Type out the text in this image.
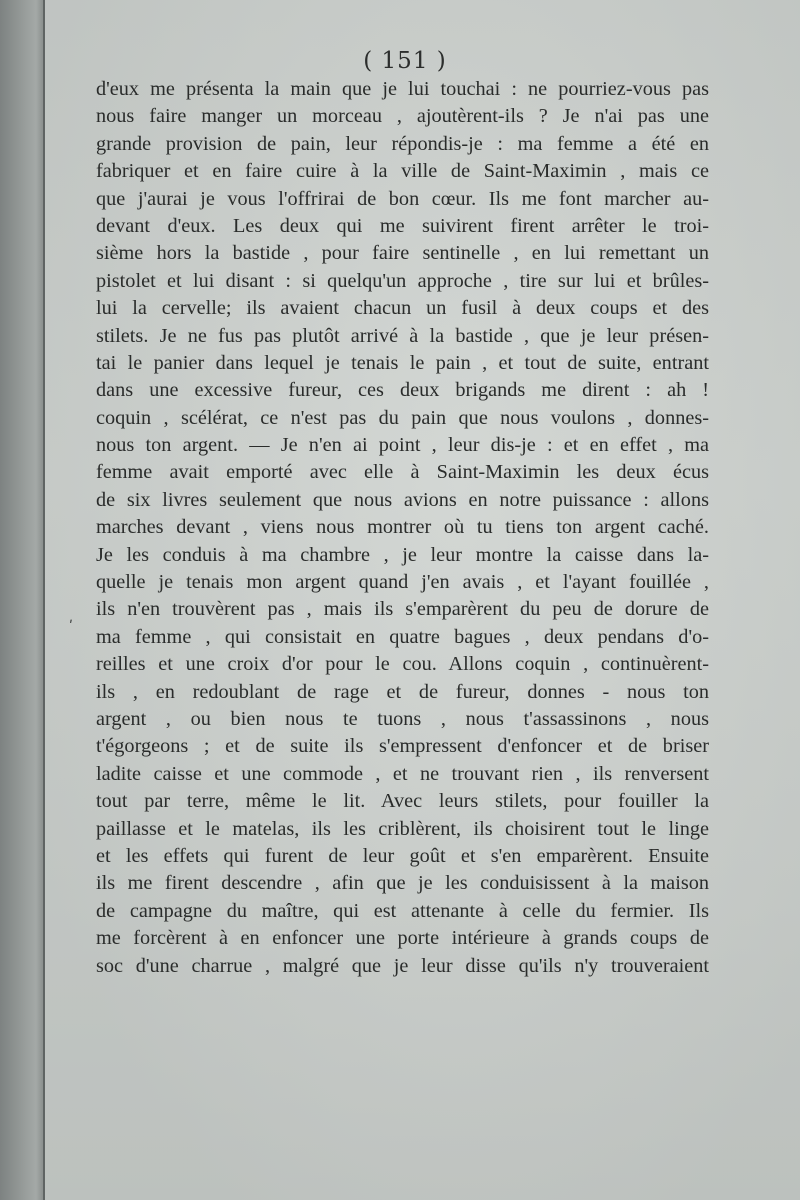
ʹ
( 151 )
d'eux me présenta la main que je lui touchai : ne pourriez-vous pas
nous faire manger un morceau , ajoutèrent-ils ? Je n'ai pas une
grande provision de pain, leur répondis-je : ma femme a été en
fabriquer et en faire cuire à la ville de Saint-Maximin , mais ce
que j'aurai je vous l'offrirai de bon cœur. Ils me font marcher au-
devant d'eux. Les deux qui me suivirent firent arrêter le troi-
sième hors la bastide , pour faire sentinelle , en lui remettant un
pistolet et lui disant : si quelqu'un approche , tire sur lui et brûles-
lui la cervelle; ils avaient chacun un fusil à deux coups et des
stilets. Je ne fus pas plutôt arrivé à la bastide , que je leur présen-
tai le panier dans lequel je tenais le pain , et tout de suite, entrant
dans une excessive fureur, ces deux brigands me dirent : ah !
coquin , scélérat, ce n'est pas du pain que nous voulons , donnes-
nous ton argent. — Je n'en ai point , leur dis-je : et en effet , ma
femme avait emporté avec elle à Saint-Maximin les deux écus
de six livres seulement que nous avions en notre puissance : allons
marches devant , viens nous montrer où tu tiens ton argent caché.
Je les conduis à ma chambre , je leur montre la caisse dans la-
quelle je tenais mon argent quand j'en avais , et l'ayant fouillée ,
ils n'en trouvèrent pas , mais ils s'emparèrent du peu de dorure de
ma femme , qui consistait en quatre bagues , deux pendans d'o-
reilles et une croix d'or pour le cou. Allons coquin , continuèrent-
ils , en redoublant de rage et de fureur, donnes - nous ton
argent , ou bien nous te tuons , nous t'assassinons , nous
t'égorgeons ; et de suite ils s'empressent d'enfoncer et de briser
ladite caisse et une commode , et ne trouvant rien , ils renversent
tout par terre, même le lit. Avec leurs stilets, pour fouiller la
paillasse et le matelas, ils les criblèrent, ils choisirent tout le linge
et les effets qui furent de leur goût et s'en emparèrent. Ensuite
ils me firent descendre , afin que je les conduisissent à la maison
de campagne du maître, qui est attenante à celle du fermier. Ils
me forcèrent à en enfoncer une porte intérieure à grands coups de
soc d'une charrue , malgré que je leur disse qu'ils n'y trouveraient
